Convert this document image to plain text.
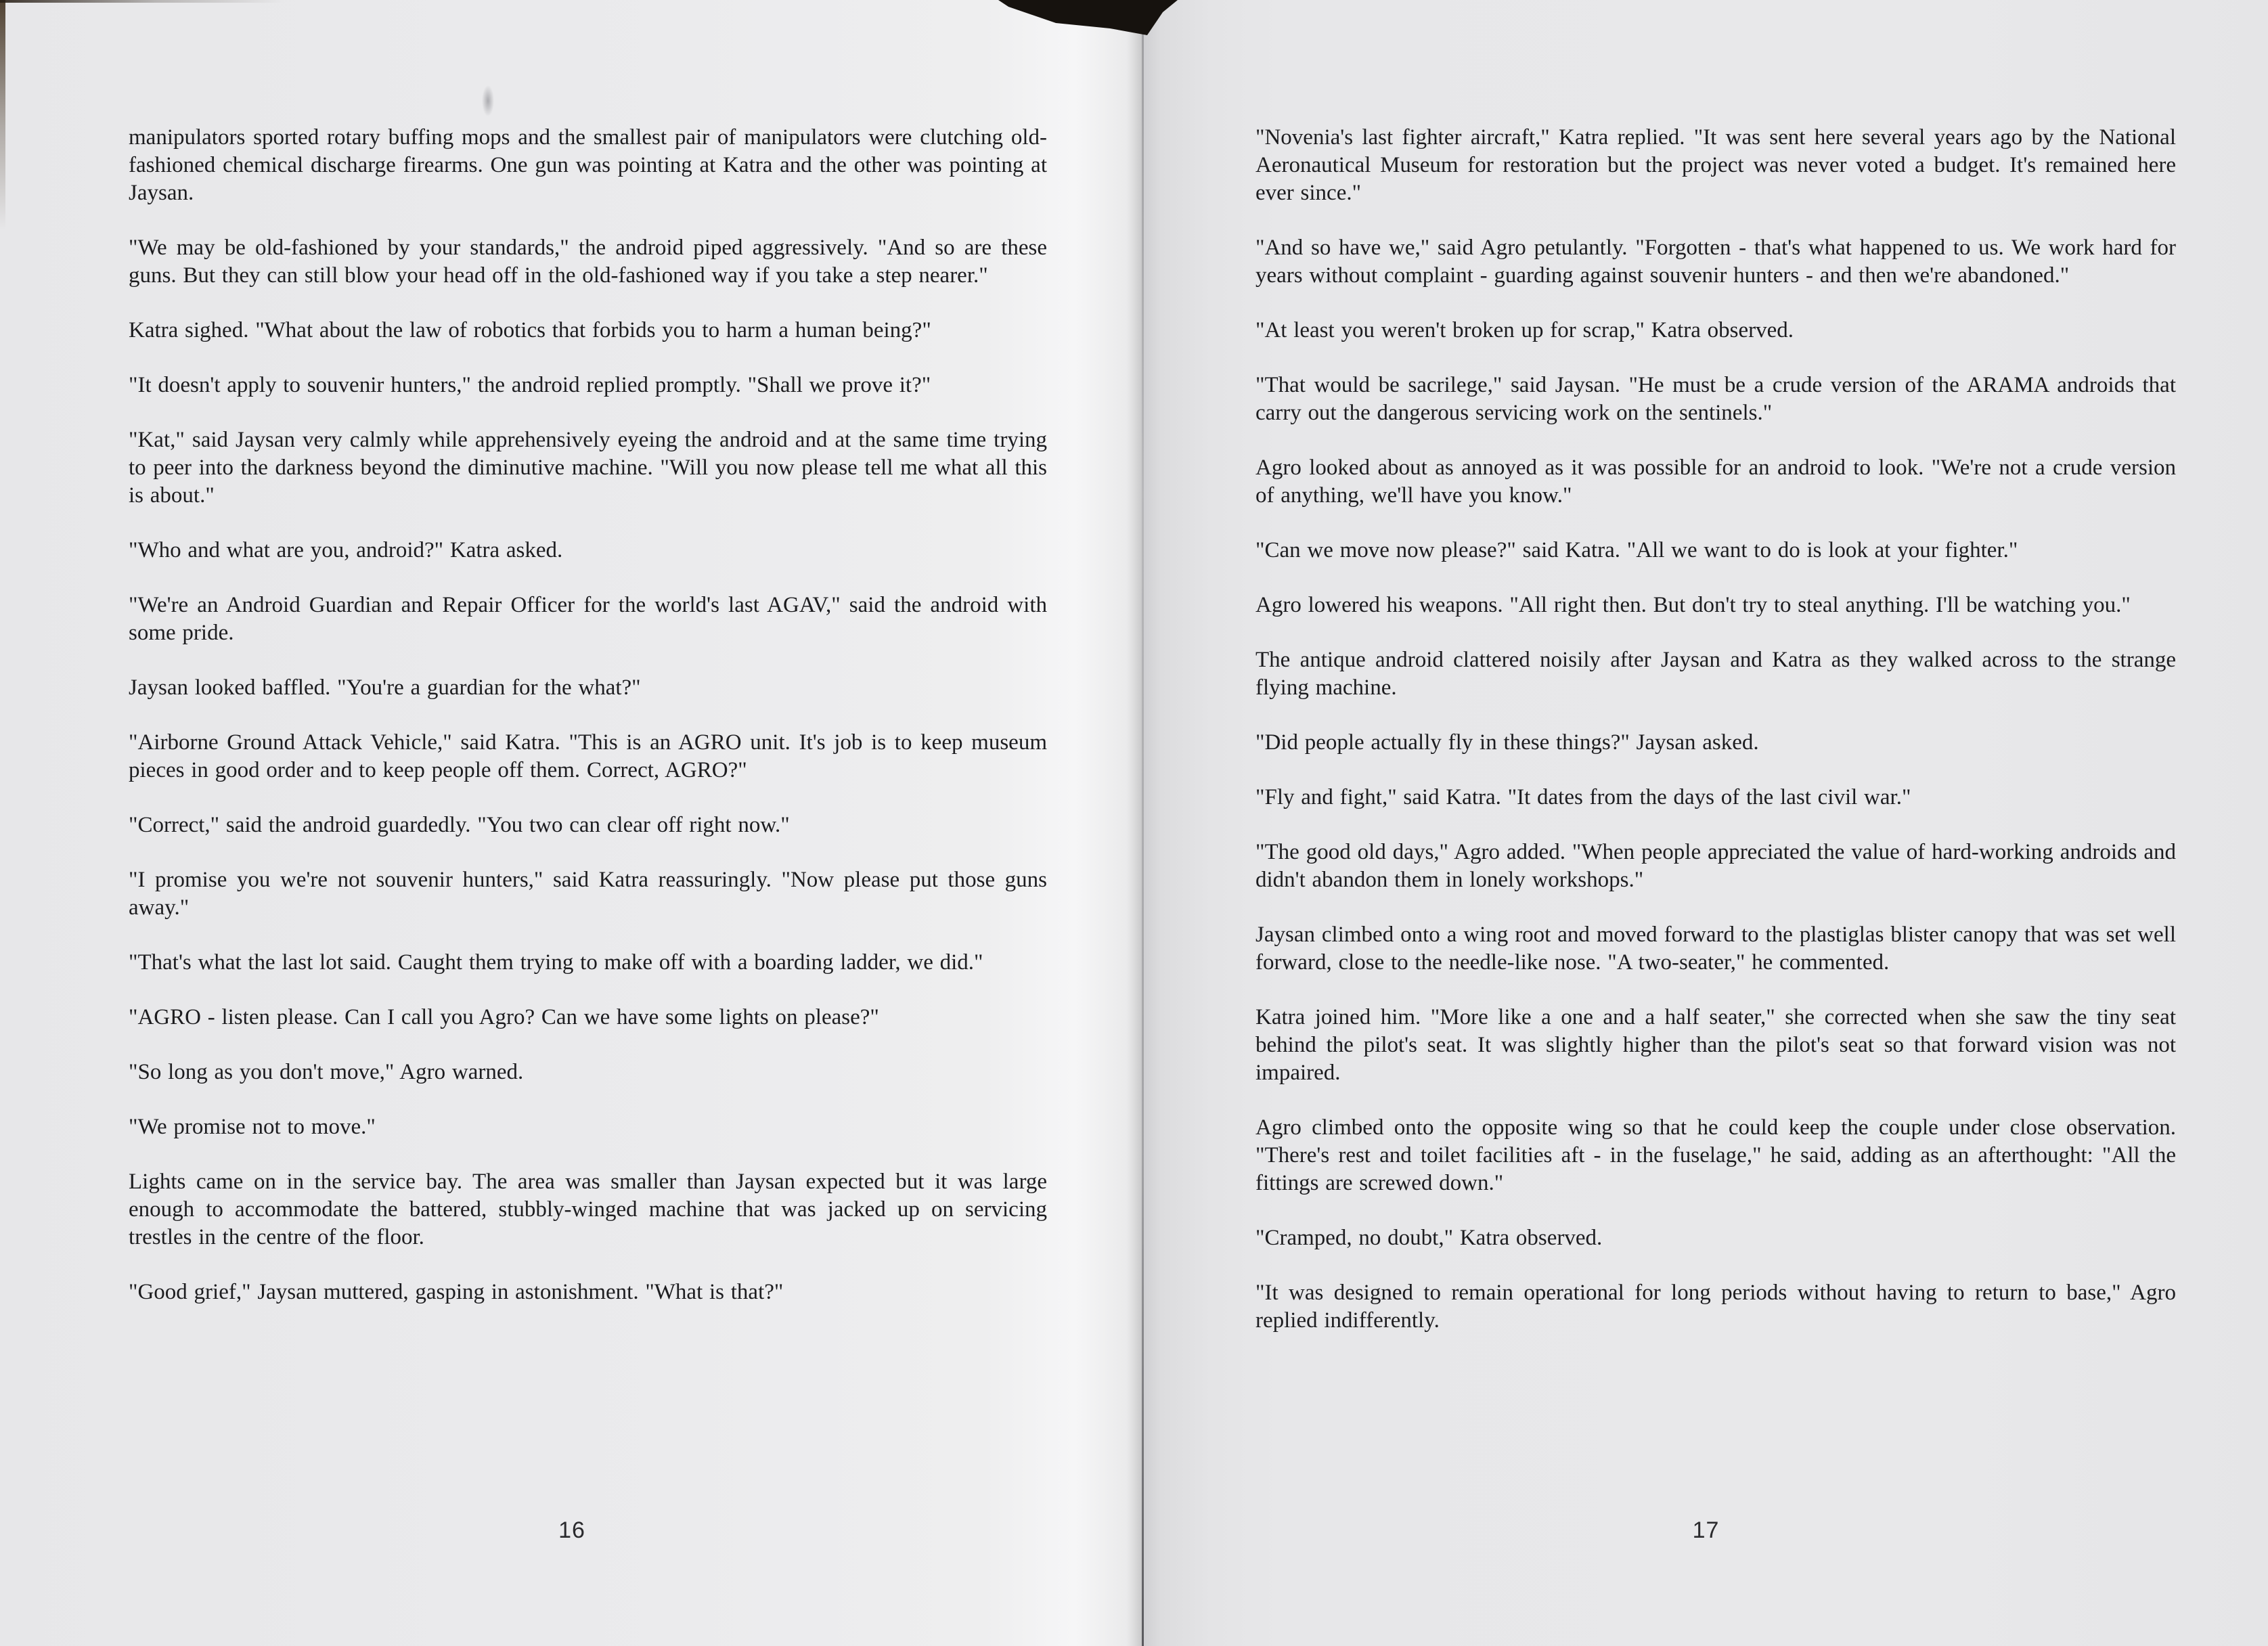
manipulators sported rotary buffing mops and the smallest pair of manipulators were clutching old-fashioned chemical discharge firearms. One gun was pointing at Katra and the other was pointing at Jaysan.

"We may be old-fashioned by your standards," the android piped aggressively. "And so are these guns. But they can still blow your head off in the old-fashioned way if you take a step nearer."

Katra sighed. "What about the law of robotics that forbids you to harm a human being?"

"It doesn't apply to souvenir hunters," the android replied promptly. "Shall we prove it?"

"Kat," said Jaysan very calmly while apprehensively eyeing the android and at the same time trying to peer into the darkness beyond the diminutive machine. "Will you now please tell me what all this is about."

"Who and what are you, android?" Katra asked.

"We're an Android Guardian and Repair Officer for the world's last AGAV," said the android with some pride.

Jaysan looked baffled. "You're a guardian for the what?"

"Airborne Ground Attack Vehicle," said Katra. "This is an AGRO unit. It's job is to keep museum pieces in good order and to keep people off them. Correct, AGRO?"

"Correct," said the android guardedly. "You two can clear off right now."

"I promise you we're not souvenir hunters," said Katra reassuringly. "Now please put those guns away."

"That's what the last lot said. Caught them trying to make off with a boarding ladder, we did."

"AGRO - listen please. Can I call you Agro? Can we have some lights on please?"

"So long as you don't move," Agro warned.

"We promise not to move."

Lights came on in the service bay. The area was smaller than Jaysan expected but it was large enough to accommodate the battered, stubbly-winged machine that was jacked up on servicing trestles in the centre of the floor.

"Good grief," Jaysan muttered, gasping in astonishment. "What is that?"

16

"Novenia's last fighter aircraft," Katra replied. "It was sent here several years ago by the National Aeronautical Museum for restoration but the project was never voted a budget. It's remained here ever since."

"And so have we," said Agro petulantly. "Forgotten - that's what happened to us. We work hard for years without complaint - guarding against souvenir hunters - and then we're abandoned."

"At least you weren't broken up for scrap," Katra observed.

"That would be sacrilege," said Jaysan. "He must be a crude version of the ARAMA androids that carry out the dangerous servicing work on the sentinels."

Agro looked about as annoyed as it was possible for an android to look. "We're not a crude version of anything, we'll have you know."

"Can we move now please?" said Katra. "All we want to do is look at your fighter."

Agro lowered his weapons. "All right then. But don't try to steal anything. I'll be watching you."

The antique android clattered noisily after Jaysan and Katra as they walked across to the strange flying machine.

"Did people actually fly in these things?" Jaysan asked.

"Fly and fight," said Katra. "It dates from the days of the last civil war."

"The good old days," Agro added. "When people appreciated the value of hard-working androids and didn't abandon them in lonely workshops."

Jaysan climbed onto a wing root and moved forward to the plastiglas blister canopy that was set well forward, close to the needle-like nose. "A two-seater," he commented.

Katra joined him. "More like a one and a half seater," she corrected when she saw the tiny seat behind the pilot's seat. It was slightly higher than the pilot's seat so that forward vision was not impaired.

Agro climbed onto the opposite wing so that he could keep the couple under close observation. "There's rest and toilet facilities aft - in the fuselage," he said, adding as an afterthought: "All the fittings are screwed down."

"Cramped, no doubt," Katra observed.

"It was designed to remain operational for long periods without having to return to base," Agro replied indifferently.

17
